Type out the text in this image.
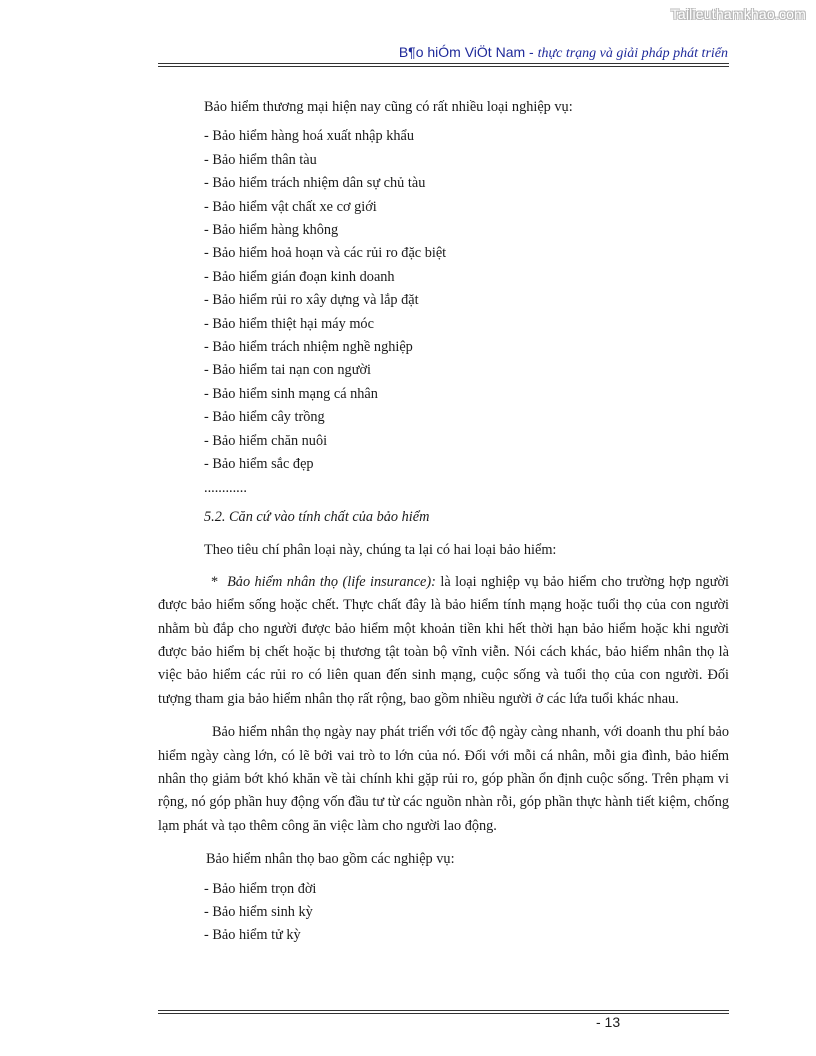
Tailieuthamkhao.com
B¶o hiÓm ViÖt Nam - thực trạng và giải pháp phát triển

Bảo hiểm thương mại hiện nay cũng có rất nhiều loại nghiệp vụ:

- Bảo hiểm hàng hoá xuất nhập khẩu
- Bảo hiểm thân tàu
- Bảo hiểm trách nhiệm dân sự chủ tàu
- Bảo hiểm vật chất xe cơ giới
- Bảo hiểm hàng không
- Bảo hiểm hoả hoạn và các rủi ro đặc biệt
- Bảo hiểm gián đoạn kinh doanh
- Bảo hiểm rủi ro xây dựng và lắp đặt
- Bảo hiểm thiệt hại máy móc
- Bảo hiểm trách nhiệm nghề nghiệp
- Bảo hiểm tai nạn con người
- Bảo hiểm sinh mạng cá nhân
- Bảo hiểm cây trồng
- Bảo hiểm chăn nuôi
- Bảo hiểm sắc đẹp
............

5.2. Căn cứ vào tính chất của bảo hiểm

Theo tiêu chí phân loại này, chúng ta lại có hai loại bảo hiểm:

* Bảo hiểm nhân thọ (life insurance): là loại nghiệp vụ bảo hiểm cho trường hợp người được bảo hiểm sống hoặc chết. Thực chất đây là bảo hiểm tính mạng hoặc tuổi thọ của con người nhằm bù đắp cho người được bảo hiểm một khoản tiền khi hết thời hạn bảo hiểm hoặc khi người được bảo hiểm bị chết hoặc bị thương tật toàn bộ vĩnh viễn. Nói cách khác, bảo hiểm nhân thọ là việc bảo hiểm các rủi ro có liên quan đến sinh mạng, cuộc sống và tuổi thọ của con người. Đối tượng tham gia bảo hiểm nhân thọ rất rộng, bao gồm nhiều người ở các lứa tuổi khác nhau.

Bảo hiểm nhân thọ ngày nay phát triển với tốc độ ngày càng nhanh, với doanh thu phí bảo hiểm ngày càng lớn, có lẽ bởi vai trò to lớn của nó. Đối với mỗi cá nhân, mỗi gia đình, bảo hiểm nhân thọ giảm bớt khó khăn về tài chính khi gặp rủi ro, góp phần ổn định cuộc sống. Trên phạm vi rộng, nó góp phần huy động vốn đầu tư từ các nguồn nhàn rỗi, góp phần thực hành tiết kiệm, chống lạm phát và tạo thêm công ăn việc làm cho người lao động.

Bảo hiểm nhân thọ bao gồm các nghiệp vụ:

- Bảo hiểm trọn đời
- Bảo hiểm sinh kỳ
- Bảo hiểm tử kỳ
- 13
